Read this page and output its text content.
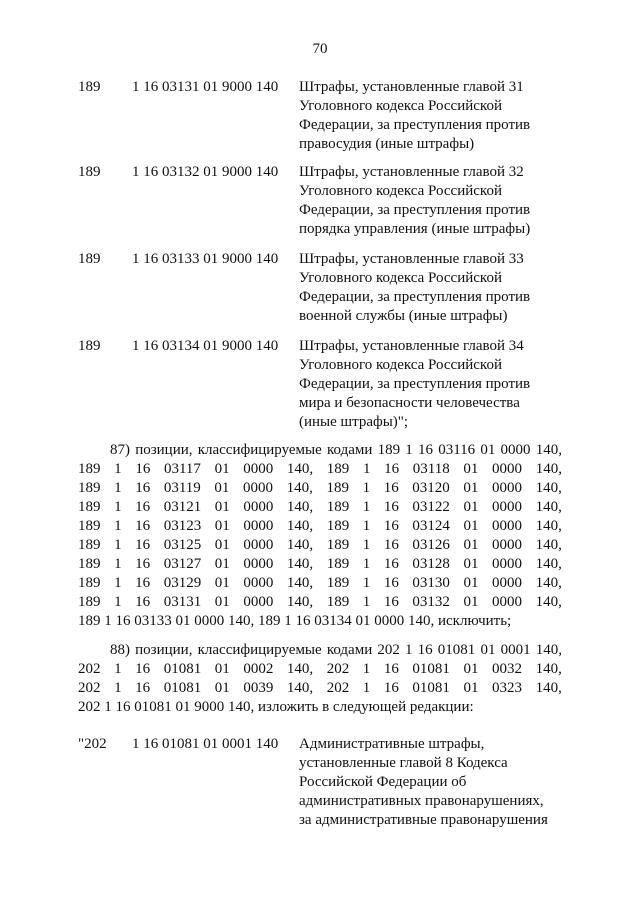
70
189 1 16 03131 01 9000 140 Штрафы, установленные главой 31
Уголовного кодекса Российской
Федерации, за преступления против
правосудия (иные штрафы)
189 1 16 03132 01 9000 140 Штрафы, установленные главой 32
Уголовного кодекса Российской
Федерации, за преступления против
порядка управления (иные штрафы)
189 1 16 03133 01 9000 140 Штрафы, установленные главой 33
Уголовного кодекса Российской
Федерации, за преступления против
военной службы (иные штрафы)
189 1 16 03134 01 9000 140 Штрафы, установленные главой 34
Уголовного кодекса Российской
Федерации, за преступления против
мира и безопасности человечества
(иные штрафы)";
87) позиции, классифицируемые кодами 189 1 16 03116 01 0000 140,
189 1 16 03117 01 0000 140, 189 1 16 03118 01 0000 140,
189 1 16 03119 01 0000 140, 189 1 16 03120 01 0000 140,
189 1 16 03121 01 0000 140, 189 1 16 03122 01 0000 140,
189 1 16 03123 01 0000 140, 189 1 16 03124 01 0000 140,
189 1 16 03125 01 0000 140, 189 1 16 03126 01 0000 140,
189 1 16 03127 01 0000 140, 189 1 16 03128 01 0000 140,
189 1 16 03129 01 0000 140, 189 1 16 03130 01 0000 140,
189 1 16 03131 01 0000 140, 189 1 16 03132 01 0000 140,
189 1 16 03133 01 0000 140, 189 1 16 03134 01 0000 140, исключить;
88) позиции, классифицируемые кодами 202 1 16 01081 01 0001 140,
202 1 16 01081 01 0002 140, 202 1 16 01081 01 0032 140,
202 1 16 01081 01 0039 140, 202 1 16 01081 01 0323 140,
202 1 16 01081 01 9000 140, изложить в следующей редакции:
"202 1 16 01081 01 0001 140 Административные штрафы,
установленные главой 8 Кодекса
Российской Федерации об
административных правонарушениях,
за административные правонарушения
